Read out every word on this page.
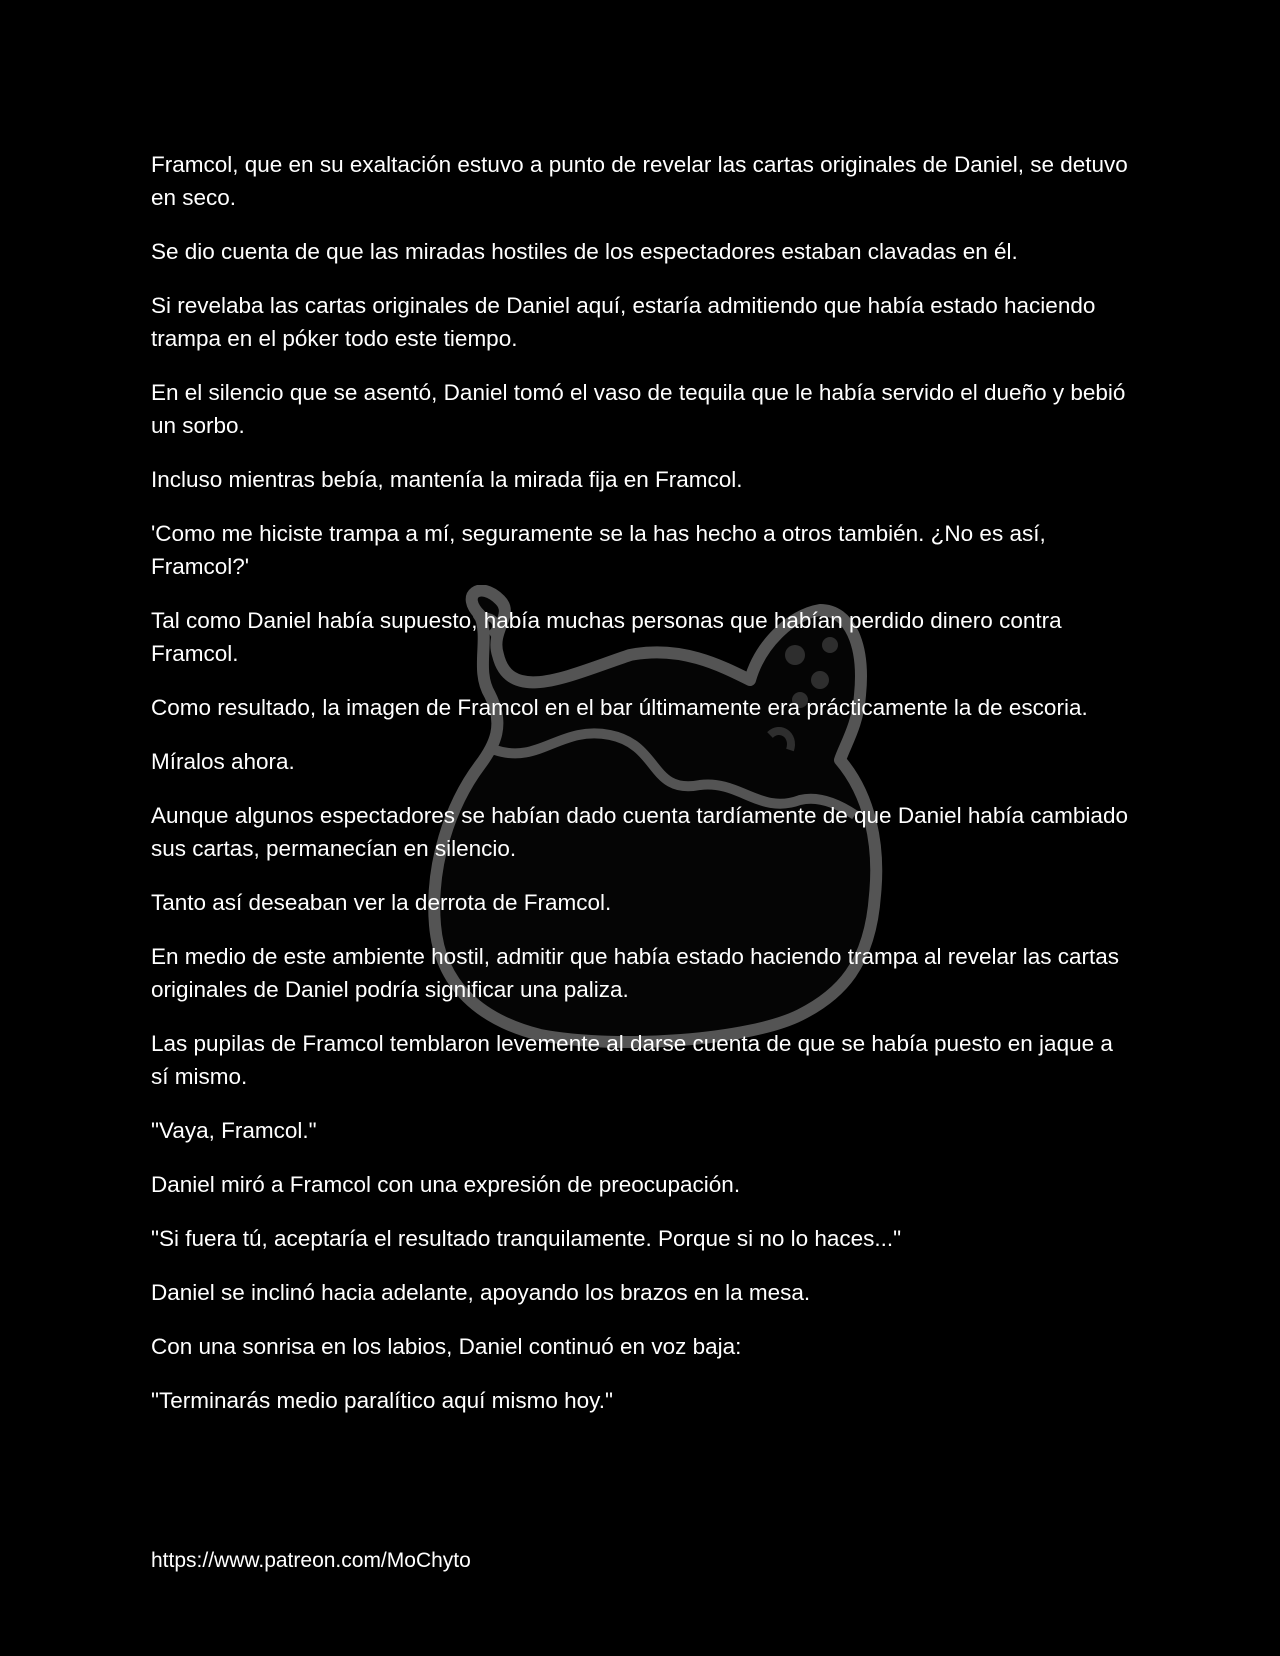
Framcol, que en su exaltación estuvo a punto de revelar las cartas originales de Daniel, se detuvo en seco.

Se dio cuenta de que las miradas hostiles de los espectadores estaban clavadas en él.

Si revelaba las cartas originales de Daniel aquí, estaría admitiendo que había estado haciendo trampa en el póker todo este tiempo.

En el silencio que se asentó, Daniel tomó el vaso de tequila que le había servido el dueño y bebió un sorbo.

Incluso mientras bebía, mantenía la mirada fija en Framcol.

'Como me hiciste trampa a mí, seguramente se la has hecho a otros también. ¿No es así, Framcol?'

Tal como Daniel había supuesto, había muchas personas que habían perdido dinero contra Framcol.

Como resultado, la imagen de Framcol en el bar últimamente era prácticamente la de escoria.

Míralos ahora.

Aunque algunos espectadores se habían dado cuenta tardíamente de que Daniel había cambiado sus cartas, permanecían en silencio.

Tanto así deseaban ver la derrota de Framcol.

En medio de este ambiente hostil, admitir que había estado haciendo trampa al revelar las cartas originales de Daniel podría significar una paliza.

Las pupilas de Framcol temblaron levemente al darse cuenta de que se había puesto en jaque a sí mismo.

"Vaya, Framcol."

Daniel miró a Framcol con una expresión de preocupación.

"Si fuera tú, aceptaría el resultado tranquilamente. Porque si no lo haces..."

Daniel se inclinó hacia adelante, apoyando los brazos en la mesa.

Con una sonrisa en los labios, Daniel continuó en voz baja:

"Terminarás medio paralítico aquí mismo hoy."

https://www.patreon.com/MoChyto
